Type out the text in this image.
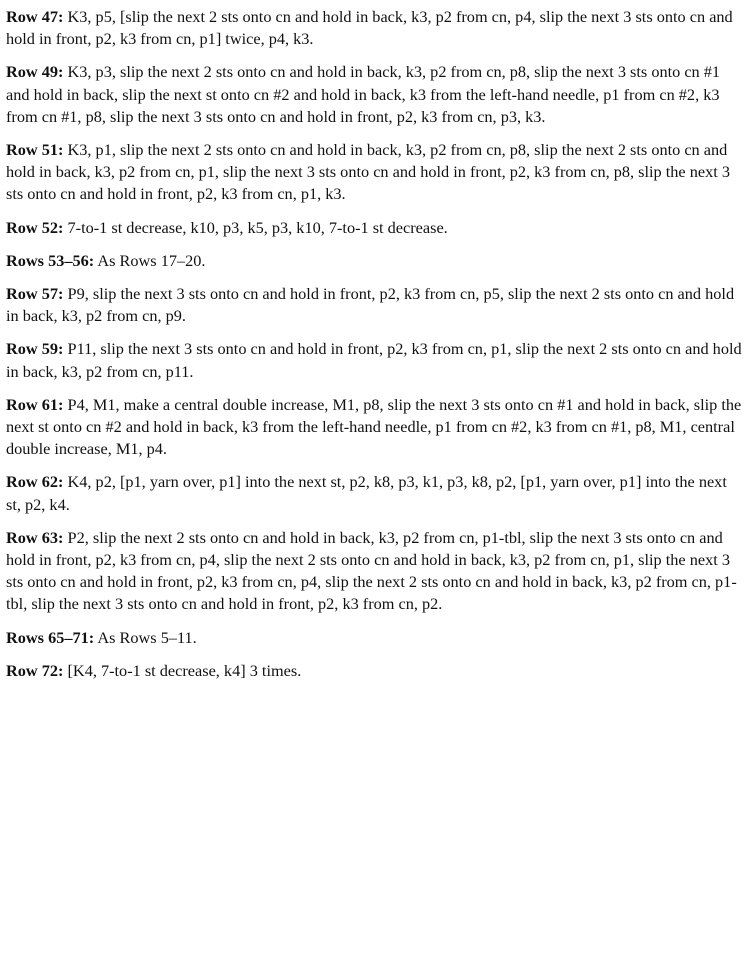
Row 47: K3, p5, [slip the next 2 sts onto cn and hold in back, k3, p2 from cn, p4, slip the next 3 sts onto cn and hold in front, p2, k3 from cn, p1] twice, p4, k3.

Row 49: K3, p3, slip the next 2 sts onto cn and hold in back, k3, p2 from cn, p8, slip the next 3 sts onto cn #1 and hold in back, slip the next st onto cn #2 and hold in back, k3 from the left-hand needle, p1 from cn #2, k3 from cn #1, p8, slip the next 3 sts onto cn and hold in front, p2, k3 from cn, p3, k3.

Row 51: K3, p1, slip the next 2 sts onto cn and hold in back, k3, p2 from cn, p8, slip the next 2 sts onto cn and hold in back, k3, p2 from cn, p1, slip the next 3 sts onto cn and hold in front, p2, k3 from cn, p8, slip the next 3 sts onto cn and hold in front, p2, k3 from cn, p1, k3.

Row 52: 7-to-1 st decrease, k10, p3, k5, p3, k10, 7-to-1 st decrease.

Rows 53–56: As Rows 17–20.

Row 57: P9, slip the next 3 sts onto cn and hold in front, p2, k3 from cn, p5, slip the next 2 sts onto cn and hold in back, k3, p2 from cn, p9.

Row 59: P11, slip the next 3 sts onto cn and hold in front, p2, k3 from cn, p1, slip the next 2 sts onto cn and hold in back, k3, p2 from cn, p11.

Row 61: P4, M1, make a central double increase, M1, p8, slip the next 3 sts onto cn #1 and hold in back, slip the next st onto cn #2 and hold in back, k3 from the left-hand needle, p1 from cn #2, k3 from cn #1, p8, M1, central double increase, M1, p4.

Row 62: K4, p2, [p1, yarn over, p1] into the next st, p2, k8, p3, k1, p3, k8, p2, [p1, yarn over, p1] into the next st, p2, k4.

Row 63: P2, slip the next 2 sts onto cn and hold in back, k3, p2 from cn, p1-tbl, slip the next 3 sts onto cn and hold in front, p2, k3 from cn, p4, slip the next 2 sts onto cn and hold in back, k3, p2 from cn, p1, slip the next 3 sts onto cn and hold in front, p2, k3 from cn, p4, slip the next 2 sts onto cn and hold in back, k3, p2 from cn, p1-tbl, slip the next 3 sts onto cn and hold in front, p2, k3 from cn, p2.

Rows 65–71: As Rows 5–11.

Row 72: [K4, 7-to-1 st decrease, k4] 3 times.
